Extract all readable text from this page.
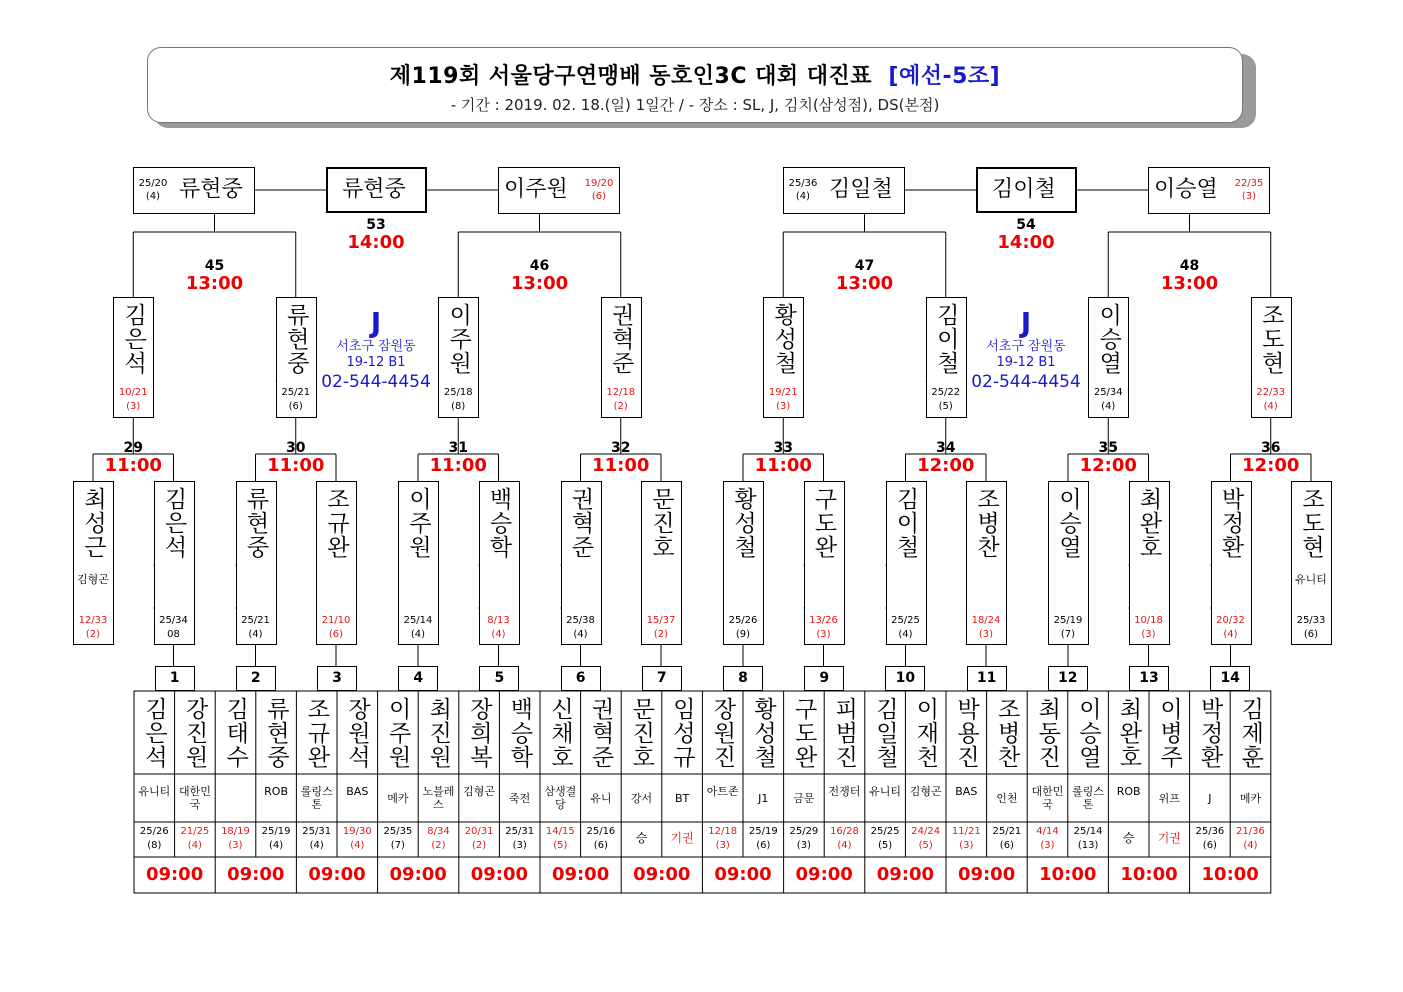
제119회 서울당구연맹배 동호인3C 대회 대진표 [예선-5조]
- 기간 : 2019. 02. 18.(일) 1일간 / - 장소 : SL, J, 김치(삼성점), DS(본점)
1
김은석
유니티
25/26
(8)
강진원
대한민국
21/25
(4)
09:00
2
김태수
18/19
(3)
류현중
ROB
25/19
(4)
09:00
3
조규완
롤링스톤
25/31
(4)
장원석
BAS
19/30
(4)
09:00
4
이주원
메카
25/35
(7)
최진원
노블레스
8/34
(2)
09:00
5
장희복
김형곤
20/31
(2)
백승학
죽전
25/31
(3)
09:00
6
신채호
삼생결당
14/15
(5)
권혁준
유니
25/16
(6)
09:00
7
문진호
강서
승
임성규
BT
기권
09:00
8
장원진
아트존
12/18
(3)
황성철
J1
25/19
(6)
09:00
9
구도완
금문
25/29
(3)
피범진
전쟁터
16/28
(4)
09:00
10
김일철
유니티
25/25
(5)
이재천
김형곤
24/24
(5)
09:00
11
박용진
BAS
11/21
(3)
조병찬
인천
25/21
(6)
09:00
12
최동진
대한민국
4/14
(3)
이승열
롤링스톤
25/14
(13)
10:00
13
최완호
ROB
승
이병주
위프
기권
10:00
14
박정환
J
25/36
(6)
김제훈
메카
21/36
(4)
10:00
최성근
김형곤
12/33
(2)
김은석
25/34
08
류현중
25/21
(4)
조규완
21/10
(6)
이주원
25/14
(4)
백승학
8/13
(4)
권혁준
25/38
(4)
문진호
15/37
(2)
황성철
25/26
(9)
구도완
13/26
(3)
김이철
25/25
(4)
조병찬
18/24
(3)
이승열
25/19
(7)
최완호
10/18
(3)
박정환
20/32
(4)
조도현
유니티
25/33
(6)
29
11:00
30
11:00
31
11:00
32
11:00
33
11:00
34
12:00
35
12:00
36
12:00
김은석
10/21
(3)
류현중
25/21
(6)
이주원
25/18
(8)
권혁준
12/18
(2)
황성철
19/21
(3)
김이철
25/22
(5)
이승열
25/34
(4)
조도현
22/33
(4)
45
13:00
46
13:00
47
13:00
48
13:00
J
서초구 잠원동
19-12 B1
02-544-4454
J
서초구 잠원동
19-12 B1
02-544-4454
25/20
(4) 류현중	19/20
(6)
이주원
류현중
53
14:00
25/36
(4) 김일철	22/35
(3)
이승열
김이철
54
14:00
